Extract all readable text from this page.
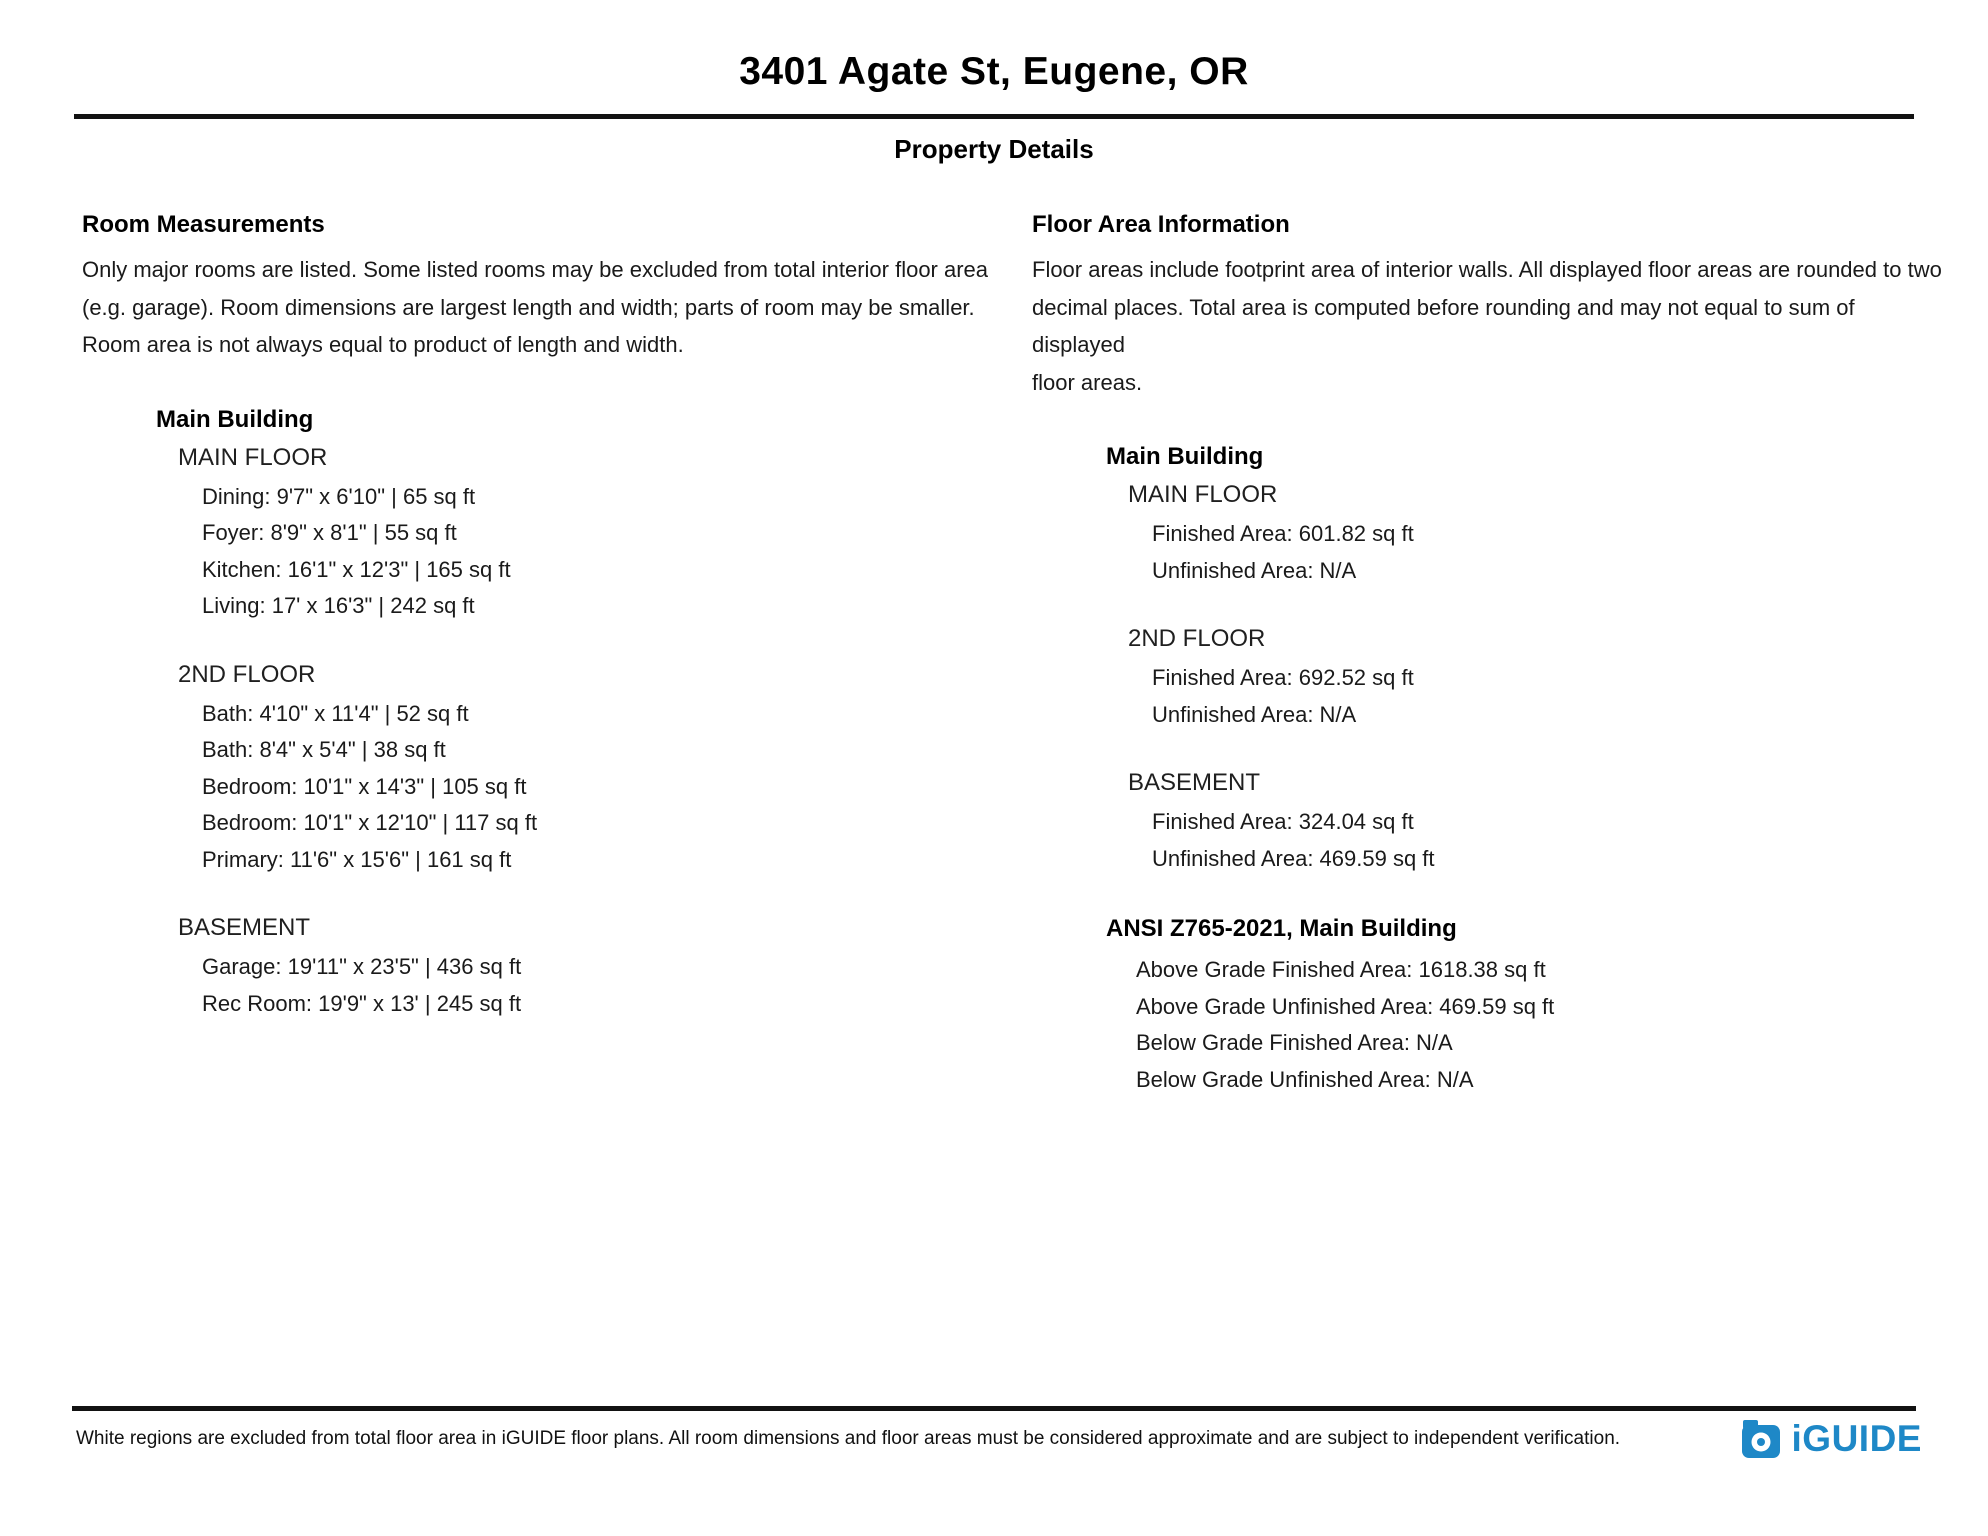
3401 Agate St, Eugene, OR
Property Details
Room Measurements
Only major rooms are listed. Some listed rooms may be excluded from total interior floor area
(e.g. garage). Room dimensions are largest length and width; parts of room may be smaller.
Room area is not always equal to product of length and width.
Main Building
MAIN FLOOR
Dining: 9'7" x 6'10" | 65 sq ft
Foyer: 8'9" x 8'1" | 55 sq ft
Kitchen: 16'1" x 12'3" | 165 sq ft
Living: 17' x 16'3" | 242 sq ft
2ND FLOOR
Bath: 4'10" x 11'4" | 52 sq ft
Bath: 8'4" x 5'4" | 38 sq ft
Bedroom: 10'1" x 14'3" | 105 sq ft
Bedroom: 10'1" x 12'10" | 117 sq ft
Primary: 11'6" x 15'6" | 161 sq ft
BASEMENT
Garage: 19'11" x 23'5" | 436 sq ft
Rec Room: 19'9" x 13' | 245 sq ft
Floor Area Information
Floor areas include footprint area of interior walls. All displayed floor areas are rounded to two
decimal places. Total area is computed before rounding and may not equal to sum of displayed
floor areas.
Main Building
MAIN FLOOR
Finished Area: 601.82 sq ft
Unfinished Area: N/A
2ND FLOOR
Finished Area: 692.52 sq ft
Unfinished Area: N/A
BASEMENT
Finished Area: 324.04 sq ft
Unfinished Area: 469.59 sq ft
ANSI Z765-2021, Main Building
Above Grade Finished Area: 1618.38 sq ft
Above Grade Unfinished Area: 469.59 sq ft
Below Grade Finished Area: N/A
Below Grade Unfinished Area: N/A
White regions are excluded from total floor area in iGUIDE floor plans. All room dimensions and floor areas must be considered approximate and are subject to independent verification.	iGUIDE
